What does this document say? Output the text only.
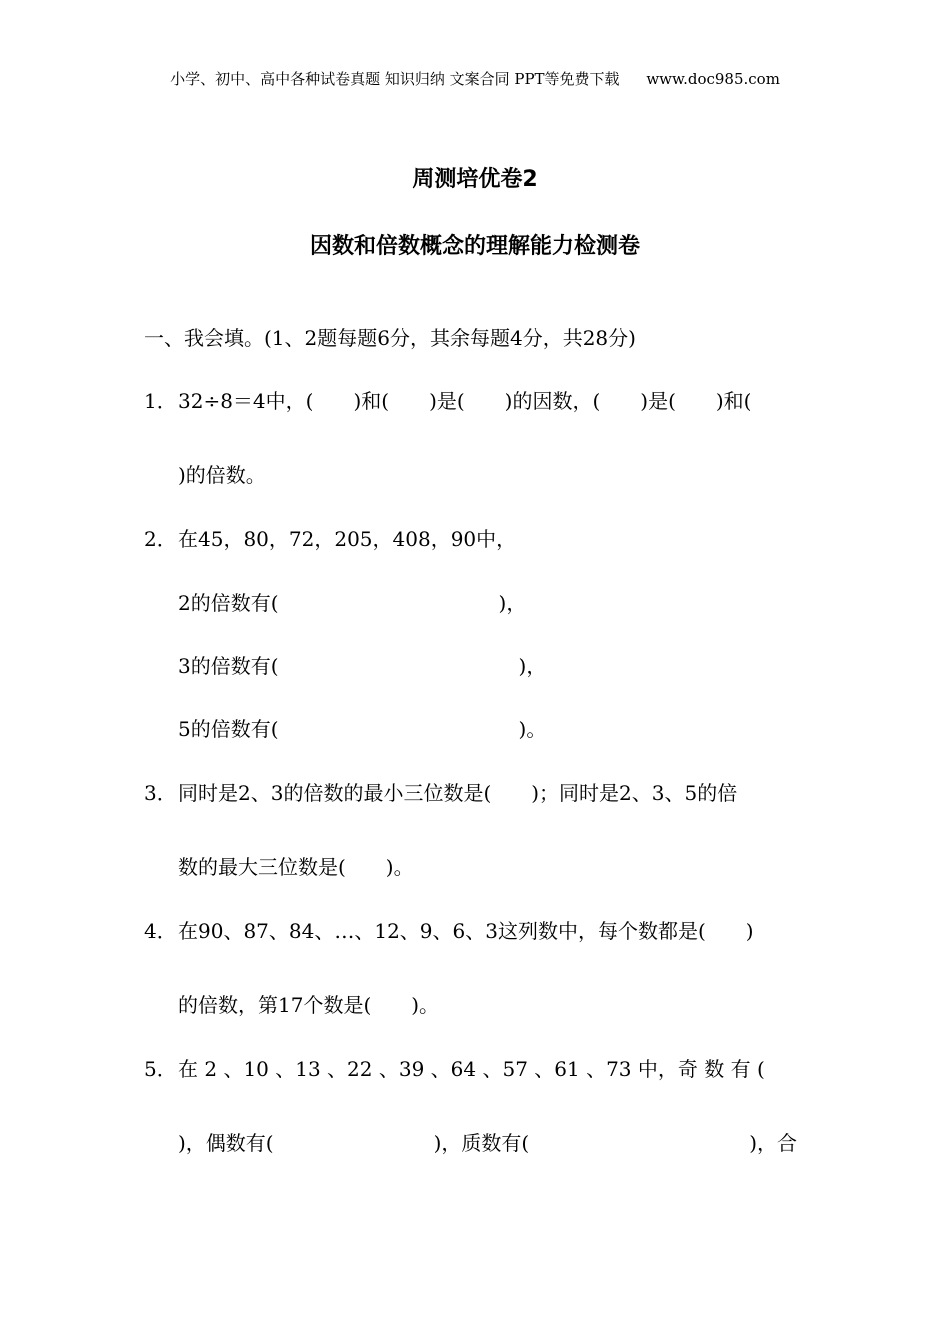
小学、初中、高中各种试卷真题 知识归纳 文案合同 PPT等免费下载 www.doc985.com
周测培优卷2
因数和倍数概念的理解能力检测卷
一、我会填。(1、2题每题6分，其余每题4分，共28分)
1．32÷8＝4中，(　　)和(　　)是(　　)的因数，(　　)是(　　)和(
)的倍数。
2．在45，80，72，205，408，90中，
2的倍数有(　　　　　　　　　　　)，
3的倍数有(　　　　　　　　　　　　)，
5的倍数有(　　　　　　　　　　　　)。
3．同时是2、3的倍数的最小三位数是(　　)；同时是2、3、5的倍
数的最大三位数是(　　)。
4．在90、87、84、…、12、9、6、3这列数中，每个数都是(　　)
的倍数，第17个数是(　　)。
5．在 2 、10 、13 、22 、39 、64 、57 、61 、73 中，奇 数 有 (
)，偶数有(　　　　　　　　)，质数有(　　　　　　　　　　　)，合
